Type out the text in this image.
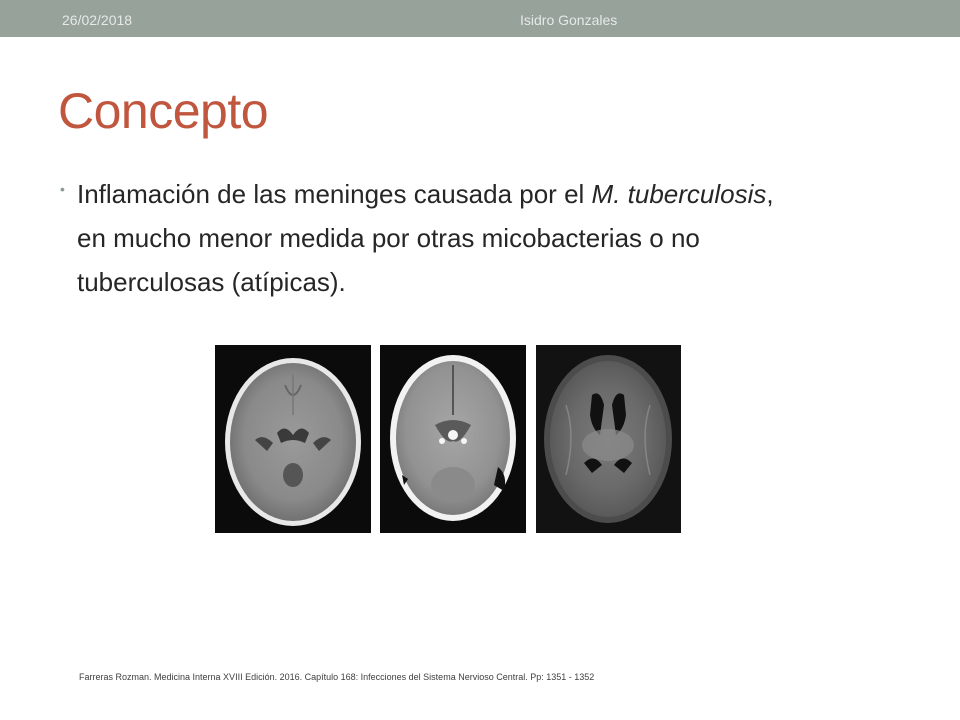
26/02/2018	Isidro Gonzales
Concepto
• Inflamación de las meninges causada por el M. tuberculosis, en mucho menor medida por otras micobacterias o no tuberculosas (atípicas).
Farreras Rozman. Medicina Interna XVIII Edición. 2016. Capítulo 168: Infecciones del Sistema Nervioso Central. Pp: 1351 - 1352
